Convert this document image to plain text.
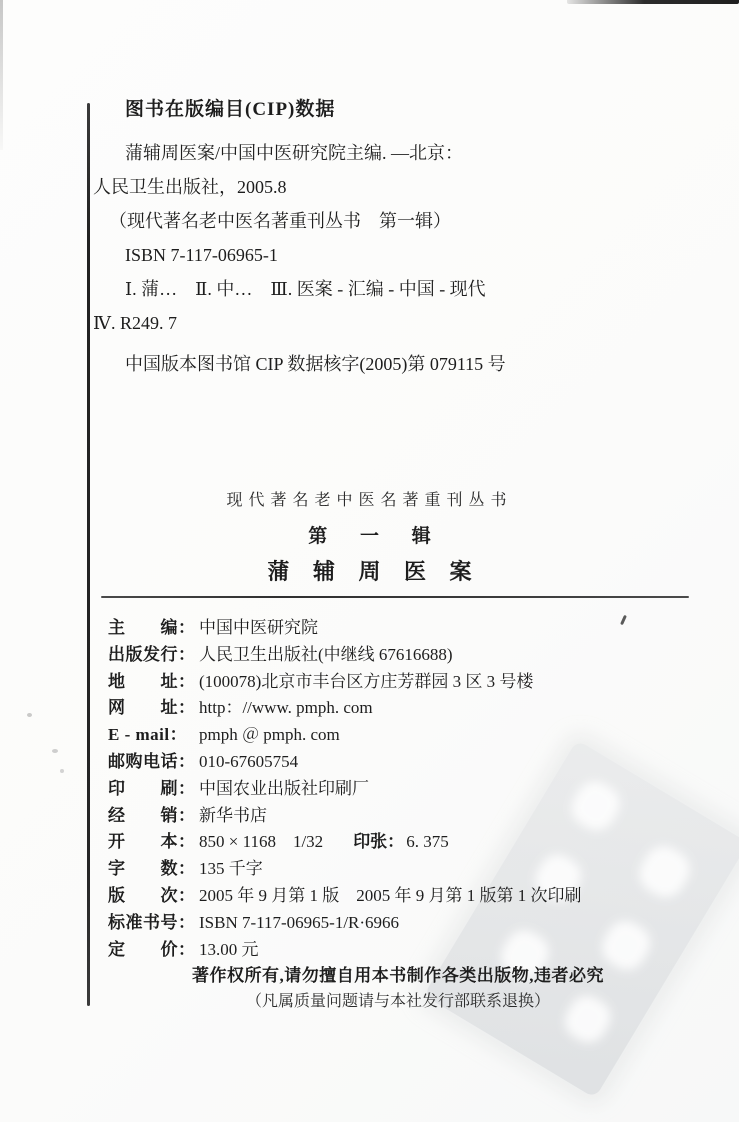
图书在版编目(CIP)数据
蒲辅周医案/中国中医研究院主编. —北京：
人民卫生出版社，2005.8
（现代著名老中医名著重刊丛书　第一辑）
ISBN 7-117-06965-1
Ⅰ. 蒲…　Ⅱ. 中…　Ⅲ. 医案 - 汇编 - 中国 - 现代
Ⅳ. R249. 7
中国版本图书馆 CIP 数据核字(2005)第 079115 号
现代著名老中医名著重刊丛书
第 一 辑
蒲 辅 周 医 案
主　　编： 中国中医研究院
出版发行： 人民卫生出版社(中继线 67616688)
地　　址： (100078)北京市丰台区方庄芳群园 3 区 3 号楼
网　　址： http：//www. pmph. com
E - mail： pmph ＠ pmph. com
邮购电话： 010-67605754
印　　刷： 中国农业出版社印刷厂
经　　销： 新华书店
开　　本： 850 × 1168　1/32 印张： 6. 375
字　　数： 135 千字
版　　次： 2005 年 9 月第 1 版　2005 年 9 月第 1 版第 1 次印刷
标准书号： ISBN 7-117-06965-1/R·6966
定　　价： 13.00 元
著作权所有,请勿擅自用本书制作各类出版物,违者必究
（凡属质量问题请与本社发行部联系退换）
